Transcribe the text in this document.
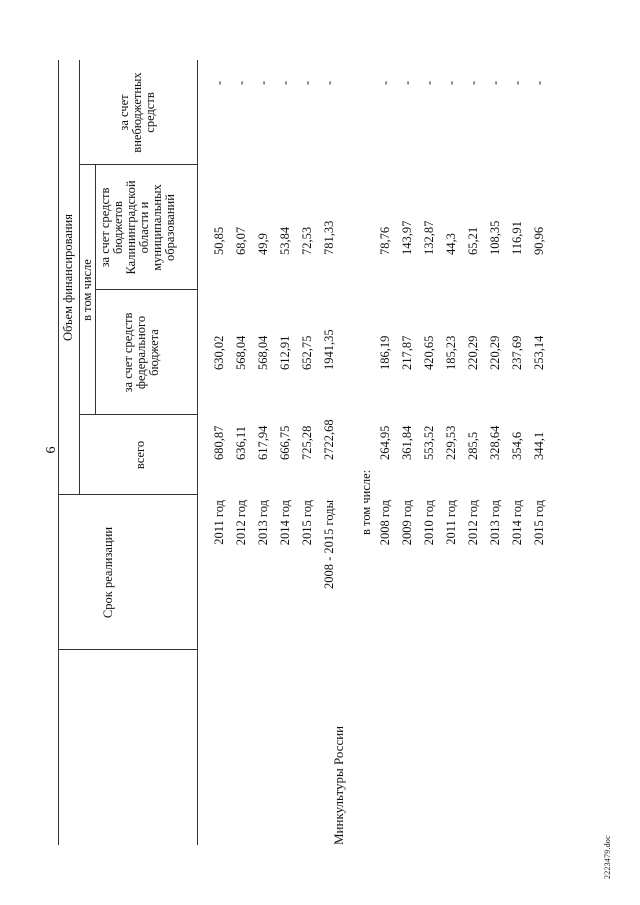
6
Срок реализации
Объем финансирования в том числе
всего
за счет средств федерального бюджета
за счет средств бюджетов Калининградской области и муниципальных образований
за счет внебюджетных средств
Минкультуры России
в том числе:
2011 год
680,87
630,02
50,85
-
2012 год
636,11
568,04
68,07
-
2013 год
617,94
568,04
49,9
-
2014 год
666,75
612,91
53,84
-
2015 год
725,28
652,75
72,53
-
2008 - 2015 годы
2722,68
1941,35
781,33
-
2008 год
264,95
186,19
78,76
-
2009 год
361,84
217,87
143,97
-
2010 год
553,52
420,65
132,87
-
2011 год
229,53
185,23
44,3
-
2012 год
285,5
220,29
65,21
-
2013 год
328,64
220,29
108,35
-
2014 год
354,6
237,69
116,91
-
2015 год
344,1
253,14
90,96
-
2223479.doc
